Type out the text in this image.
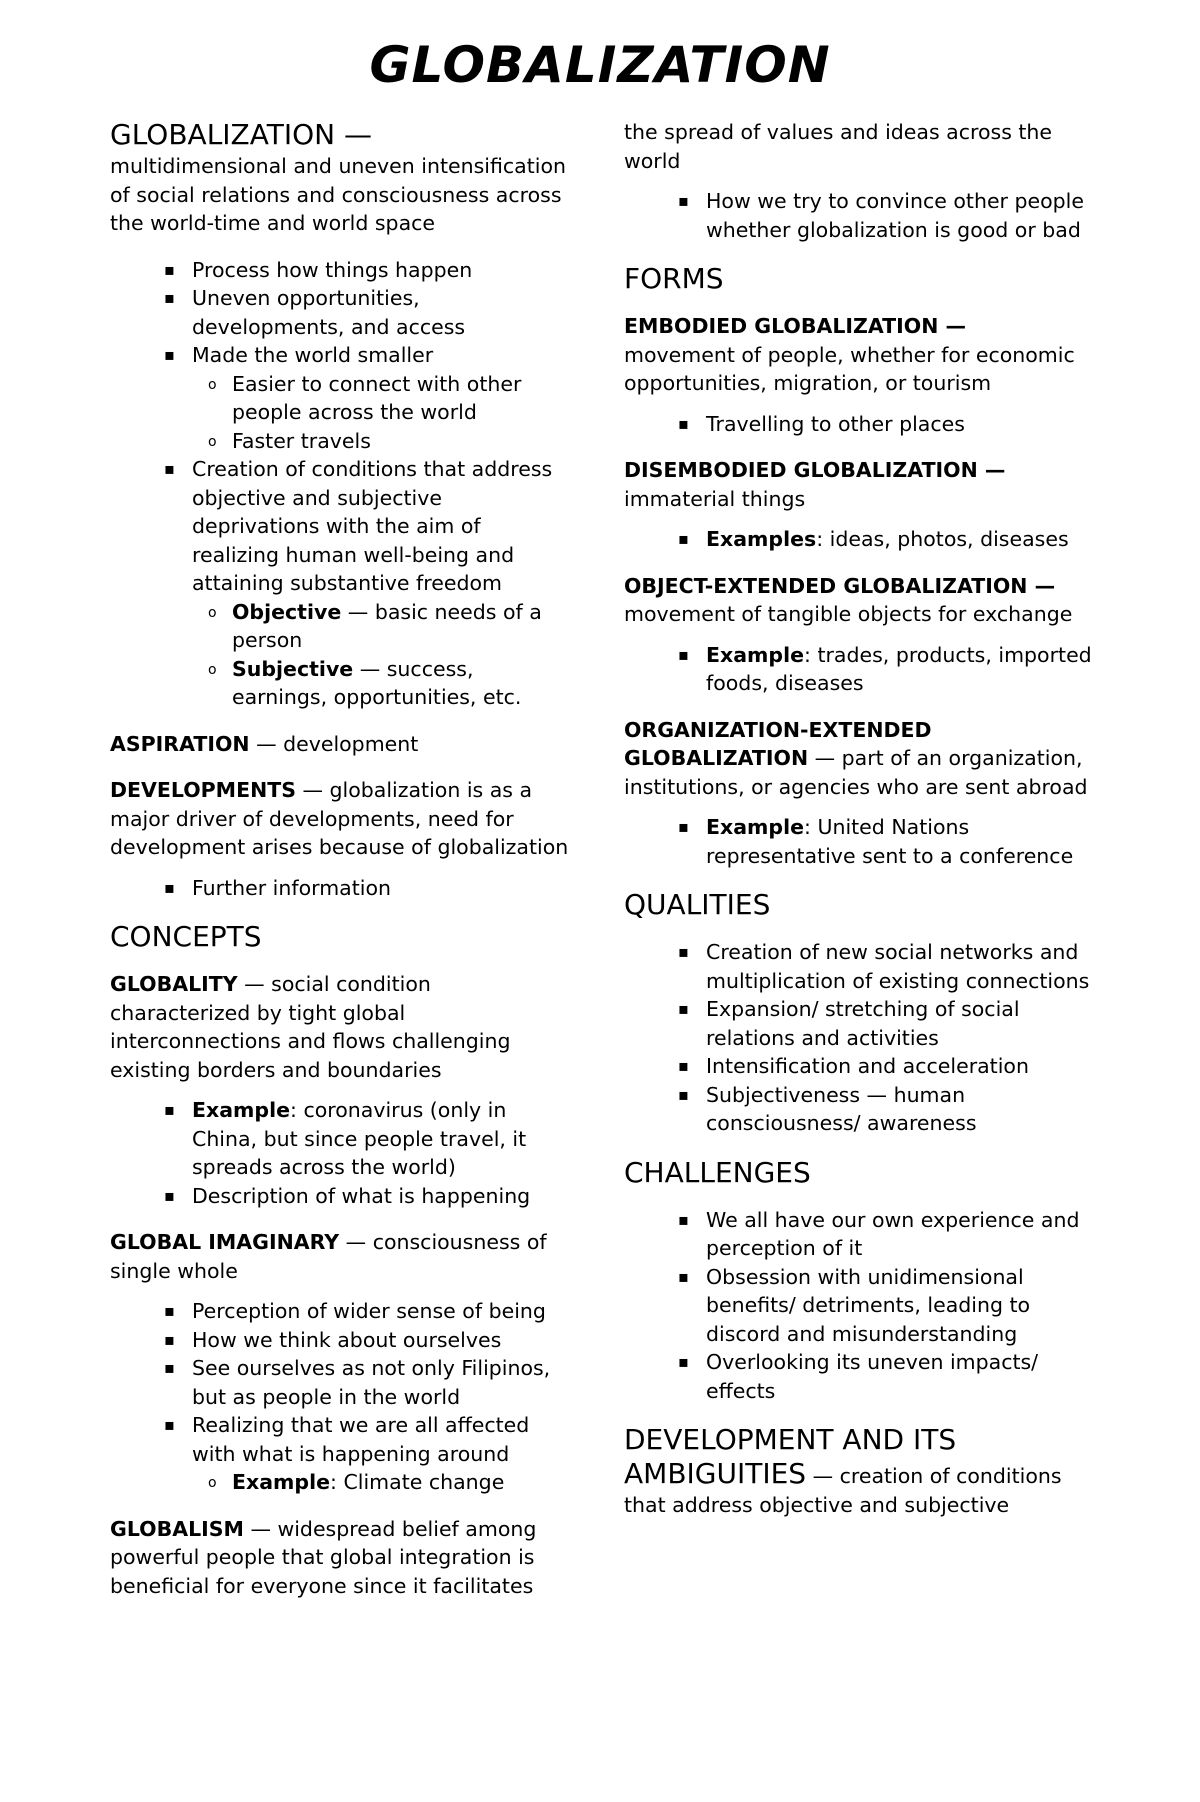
GLOBALIZATION
GLOBALIZATION —

multidimensional and uneven intensification of social relations and consciousness across the world-time and world space

▪ Process how things happen
▪ Uneven opportunities, developments, and access
▪ Made the world smaller
o Easier to connect with other people across the world
o Faster travels
▪ Creation of conditions that address objective and subjective deprivations with the aim of realizing human well-being and attaining substantive freedom
o Objective — basic needs of a person
o Subjective — success, earnings, opportunities, etc.

ASPIRATION — development

DEVELOPMENTS — globalization is as a major driver of developments, need for development arises because of globalization

▪ Further information
CONCEPTS

GLOBALITY — social condition characterized by tight global interconnections and flows challenging existing borders and boundaries

▪ Example: coronavirus (only in China, but since people travel, it spreads across the world)
▪ Description of what is happening

GLOBAL IMAGINARY — consciousness of single whole

▪ Perception of wider sense of being
▪ How we think about ourselves
▪ See ourselves as not only Filipinos, but as people in the world
▪ Realizing that we are all affected with what is happening around
o Example: Climate change

GLOBALISM — widespread belief among powerful people that global integration is beneficial for everyone since it facilitates

the spread of values and ideas across the world

▪ How we try to convince other people whether globalization is good or bad
FORMS
EMBODIED GLOBALIZATION —

movement of people, whether for economic opportunities, migration, or tourism

▪ Travelling to other places
DISEMBODIED GLOBALIZATION —

immaterial things

▪ Examples: ideas, photos, diseases
OBJECT-EXTENDED GLOBALIZATION —

movement of tangible objects for exchange

▪ Example: trades, products, imported foods, diseases

ORGANIZATION-EXTENDED GLOBALIZATION — part of an organization, institutions, or agencies who are sent abroad

▪ Example: United Nations representative sent to a conference
QUALITIES
▪ Creation of new social networks and multiplication of existing connections
▪ Expansion/ stretching of social relations and activities
▪ Intensification and acceleration
▪ Subjectiveness — human consciousness/ awareness
CHALLENGES
▪ We all have our own experience and perception of it
▪ Obsession with unidimensional benefits/ detriments, leading to discord and misunderstanding
▪ Overlooking its uneven impacts/ effects
DEVELOPMENT AND ITS

AMBIGUITIES — creation of conditions that address objective and subjective
